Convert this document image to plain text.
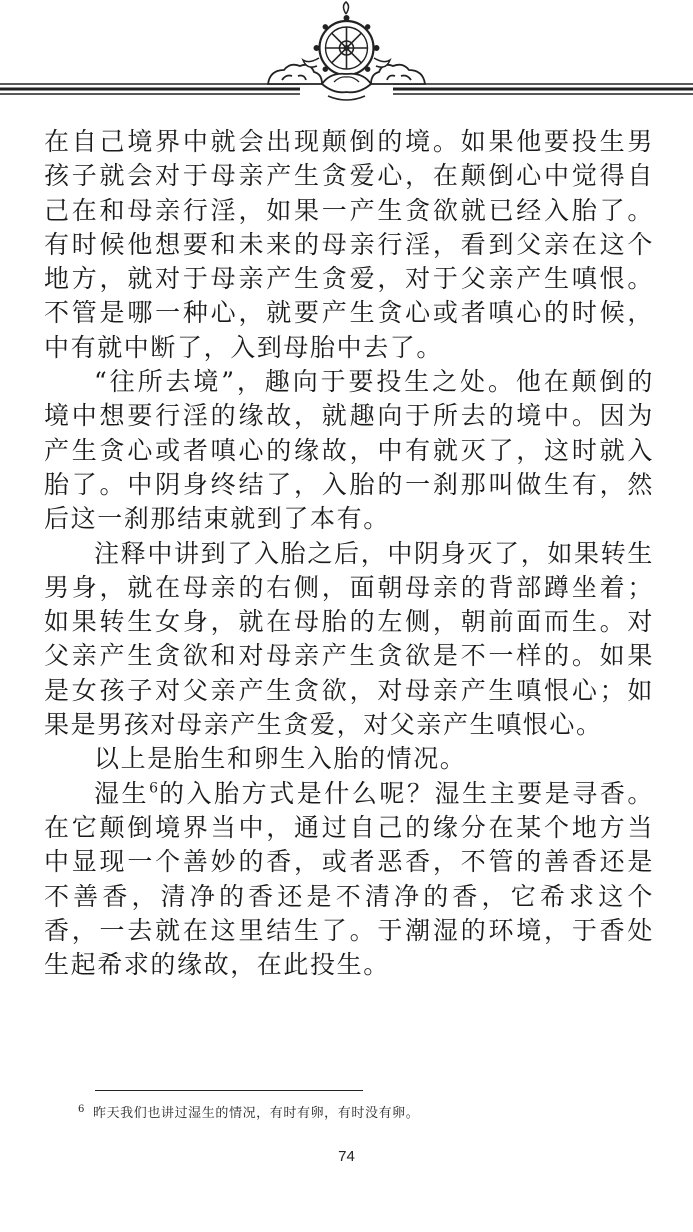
在自己境界中就会出现颠倒的境。如果他要投生男孩子就会对于母亲产生贪爱心，在颠倒心中觉得自己在和母亲行淫，如果一产生贪欲就已经入胎了。有时候他想要和未来的母亲行淫，看到父亲在这个地方，就对于母亲产生贪爱，对于父亲产生嗔恨。不管是哪一种心，就要产生贪心或者嗔心的时候，中有就中断了，入到母胎中去了。

“往所去境”，趣向于要投生之处。他在颠倒的境中想要行淫的缘故，就趣向于所去的境中。因为产生贪心或者嗔心的缘故，中有就灭了，这时就入胎了。中阴身终结了，入胎的一刹那叫做生有，然后这一刹那结束就到了本有。

注释中讲到了入胎之后，中阴身灭了，如果转生男身，就在母亲的右侧，面朝母亲的背部蹲坐着；如果转生女身，就在母胎的左侧，朝前面而生。对父亲产生贪欲和对母亲产生贪欲是不一样的。如果是女孩子对父亲产生贪欲，对母亲产生嗔恨心；如果是男孩对母亲产生贪爱，对父亲产生嗔恨心。

以上是胎生和卵生入胎的情况。

湿生$^6$的入胎方式是什么呢？湿生主要是寻香。在它颠倒境界当中，通过自己的缘分在某个地方当中显现一个善妙的香，或者恶香，不管的善香还是不善香，清净的香还是不清净的香，它希求这个香，一去就在这里结生了。于潮湿的环境，于香处生起希求的缘故，在此投生。

$^6$ 昨天我们也讲过湿生的情况，有时有卵，有时没有卵。
74
